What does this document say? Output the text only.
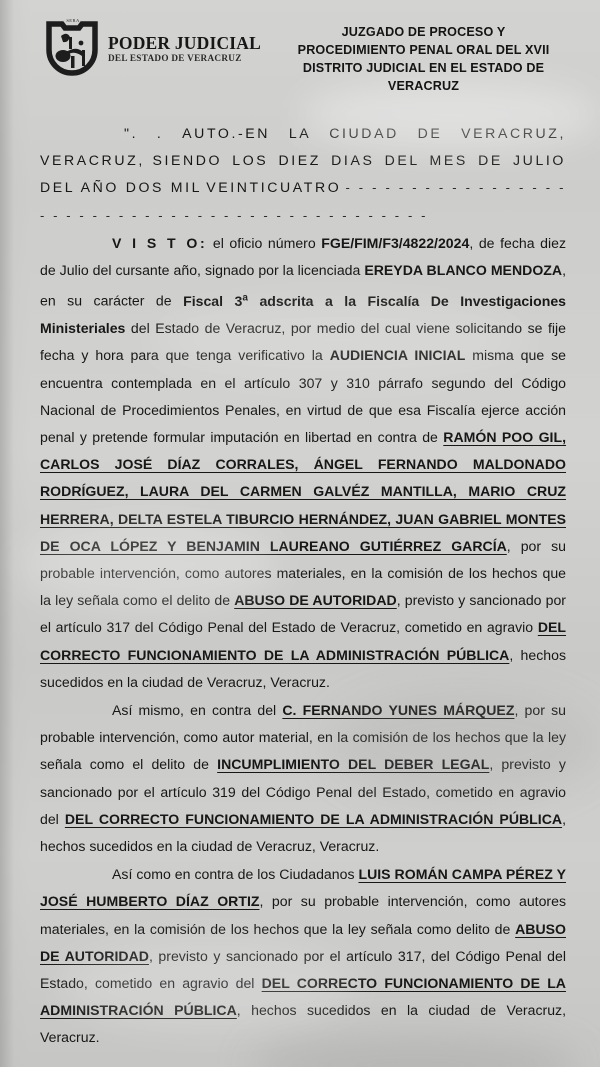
SERA
PODER JUDICIAL
DEL ESTADO DE VERACRUZ
JUZGADO DE PROCESO Y
PROCEDIMIENTO PENAL ORAL DEL XVII
DISTRITO JUDICIAL EN EL ESTADO DE
VERACRUZ

". . AUTO.-EN LA CIUDAD DE VERACRUZ, VERACRUZ, SIENDO LOS DIEZ DIAS DEL MES DE JULIO DEL AÑO DOS MIL VEINTICUATRO - - - - - - - - - - - - - - - - - - - - - - - - - - - - - - - - - - - - - - - - - - - - - - -

V I S T O: el oficio número FGE/FIM/F3/4822/2024, de fecha diez de Julio del cursante año, signado por la licenciada EREYDA BLANCO MENDOZA, en su carácter de Fiscal 3$^a$ adscrita a la Fiscalía De Investigaciones Ministeriales del Estado de Veracruz, por medio del cual viene solicitando se fije fecha y hora para que tenga verificativo la AUDIENCIA INICIAL misma que se encuentra contemplada en el artículo 307 y 310 párrafo segundo del Código Nacional de Procedimientos Penales, en virtud de que esa Fiscalía ejerce acción penal y pretende formular imputación en libertad en contra de RAMÓN POO GIL, CARLOS JOSÉ DÍAZ CORRALES, ÁNGEL FERNANDO MALDONADO RODRÍGUEZ, LAURA DEL CARMEN GALVÉZ MANTILLA, MARIO CRUZ HERRERA, DELTA ESTELA TIBURCIO HERNÁNDEZ, JUAN GABRIEL MONTES DE OCA LÓPEZ Y BENJAMIN LAUREANO GUTIÉRREZ GARCÍA, por su probable intervención, como autores materiales, en la comisión de los hechos que la ley señala como el delito de ABUSO DE AUTORIDAD, previsto y sancionado por el artículo 317 del Código Penal del Estado de Veracruz, cometido en agravio DEL CORRECTO FUNCIONAMIENTO DE LA ADMINISTRACIÓN PÚBLICA, hechos sucedidos en la ciudad de Veracruz, Veracruz.

Así mismo, en contra del C. FERNANDO YUNES MÁRQUEZ, por su probable intervención, como autor material, en la comisión de los hechos que la ley señala como el delito de INCUMPLIMIENTO DEL DEBER LEGAL, previsto y sancionado por el artículo 319 del Código Penal del Estado, cometido en agravio del DEL CORRECTO FUNCIONAMIENTO DE LA ADMINISTRACIÓN PÚBLICA, hechos sucedidos en la ciudad de Veracruz, Veracruz.

Así como en contra de los Ciudadanos LUIS ROMÁN CAMPA PÉREZ Y JOSÉ HUMBERTO DÍAZ ORTIZ, por su probable intervención, como autores materiales, en la comisión de los hechos que la ley señala como delito de ABUSO DE AUTORIDAD, previsto y sancionado por el artículo 317, del Código Penal del Estado, cometido en agravio del DEL CORRECTO FUNCIONAMIENTO DE LA ADMINISTRACIÓN PÚBLICA, hechos sucedidos en la ciudad de Veracruz, Veracruz.
